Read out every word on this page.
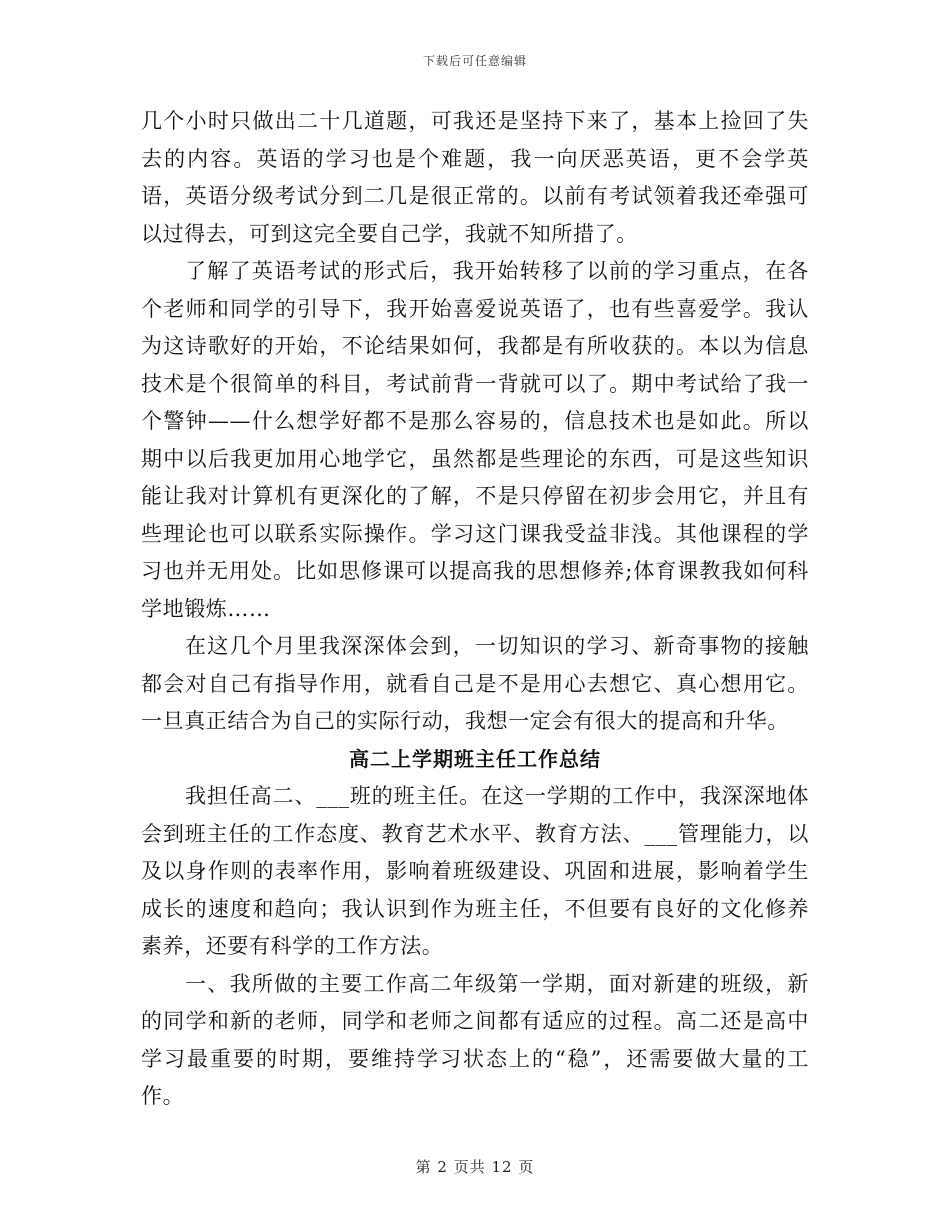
下载后可任意编辑

几个小时只做出二十几道题，可我还是坚持下来了，基本上捡回了失去的内容。英语的学习也是个难题，我一向厌恶英语，更不会学英语，英语分级考试分到二几是很正常的。以前有考试领着我还牵强可以过得去，可到这完全要自己学，我就不知所措了。

了解了英语考试的形式后，我开始转移了以前的学习重点，在各个老师和同学的引导下，我开始喜爱说英语了，也有些喜爱学。我认为这诗歌好的开始，不论结果如何，我都是有所收获的。本以为信息技术是个很简单的科目，考试前背一背就可以了。期中考试给了我一个警钟——什么想学好都不是那么容易的，信息技术也是如此。所以期中以后我更加用心地学它，虽然都是些理论的东西，可是这些知识能让我对计算机有更深化的了解，不是只停留在初步会用它，并且有些理论也可以联系实际操作。学习这门课我受益非浅。其他课程的学习也并无用处。比如思修课可以提高我的思想修养;体育课教我如何科学地锻炼……

在这几个月里我深深体会到，一切知识的学习、新奇事物的接触都会对自己有指导作用，就看自己是不是用心去想它、真心想用它。一旦真正结合为自己的实际行动，我想一定会有很大的提高和升华。

高二上学期班主任工作总结

我担任高二、___班的班主任。在这一学期的工作中，我深深地体会到班主任的工作态度、教育艺术水平、教育方法、___管理能力，以及以身作则的表率作用，影响着班级建设、巩固和进展，影响着学生成长的速度和趋向；我认识到作为班主任，不但要有良好的文化修养素养，还要有科学的工作方法。

一、我所做的主要工作高二年级第一学期，面对新建的班级，新的同学和新的老师，同学和老师之间都有适应的过程。高二还是高中学习最重要的时期，要维持学习状态上的“稳”，还需要做大量的工作。

第 2 页共 12 页
